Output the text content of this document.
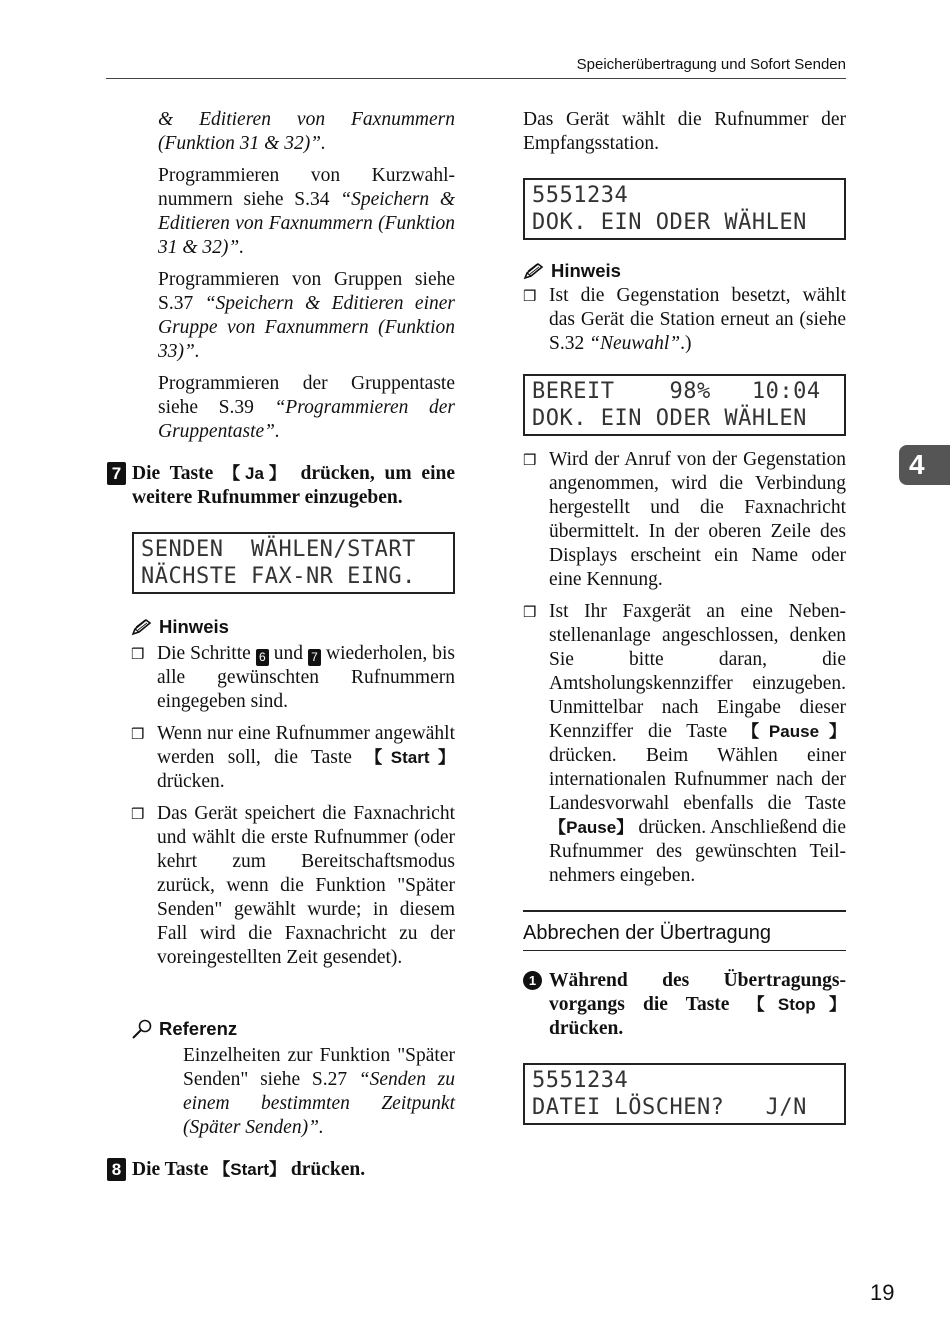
Speicherübertragung und Sofort Senden

& Editieren von Faxnummern (Funktion 31 & 32)”.

Programmieren von Kurzwahlnummern siehe S.34 “Speichern & Editieren von Faxnummern (Funktion 31 & 32)”.

Programmieren von Gruppen siehe S.37 “Speichern & Editieren einer Gruppe von Faxnummern (Funktion 33)”.

Programmieren der Gruppentaste siehe S.39 “Programmieren der Gruppentaste”.

7 Die Taste 【Ja】 drücken, um eine weitere Rufnummer einzugeben.
SENDEN  WÄHLEN/START
NÄCHSTE FAX-NR EING.
Hinweis
❒ Die Schritte 6 und 7 wiederholen, bis alle gewünschten Rufnummern eingegeben sind.
❒ Wenn nur eine Rufnummer angewählt werden soll, die Taste 【Start】drücken.
❒ Das Gerät speichert die Faxnachricht und wählt die erste Rufnummer (oder kehrt zum Bereitschaftsmodus zurück, wenn die Funktion "Später Senden" gewählt wurde; in diesem Fall wird die Faxnachricht zu der voreingestellten Zeit gesendet).
Referenz

Einzelheiten zur Funktion "Später Senden" siehe S.27 “Senden zu einem bestimmten Zeitpunkt (Später Senden)”.

8 Die Taste 【Start】 drücken.

Das Gerät wählt die Rufnummer der Empfangsstation.

5551234
DOK. EIN ODER WÄHLEN
Hinweis
❒ Ist die Gegenstation besetzt, wählt das Gerät die Station erneut an (siehe S.32 “Neuwahl”.)
BEREIT    98%   10:04
DOK. EIN ODER WÄHLEN
❒ Wird der Anruf von der Gegenstation angenommen, wird die Verbindung hergestellt und die Faxnachricht übermittelt. In der oberen Zeile des Displays erscheint ein Name oder eine Kennung.
❒ Ist Ihr Faxgerät an eine Nebenstellenanlage angeschlossen, denken Sie bitte daran, die Amtsholungskennziffer einzugeben. Unmittelbar nach Eingabe dieser Kennziffer die Taste 【Pause】 drücken. Beim Wählen einer internationalen Rufnummer nach der Landesvorwahl ebenfalls die Taste 【Pause】 drücken. Anschließend die Rufnummer des gewünschten Teilnehmers eingeben.
Abbrechen der Übertragung
1 Während des Übertragungsvorgangs die Taste 【Stop】 drücken.
5551234
DATEI LÖSCHEN?   J/N
4
19
